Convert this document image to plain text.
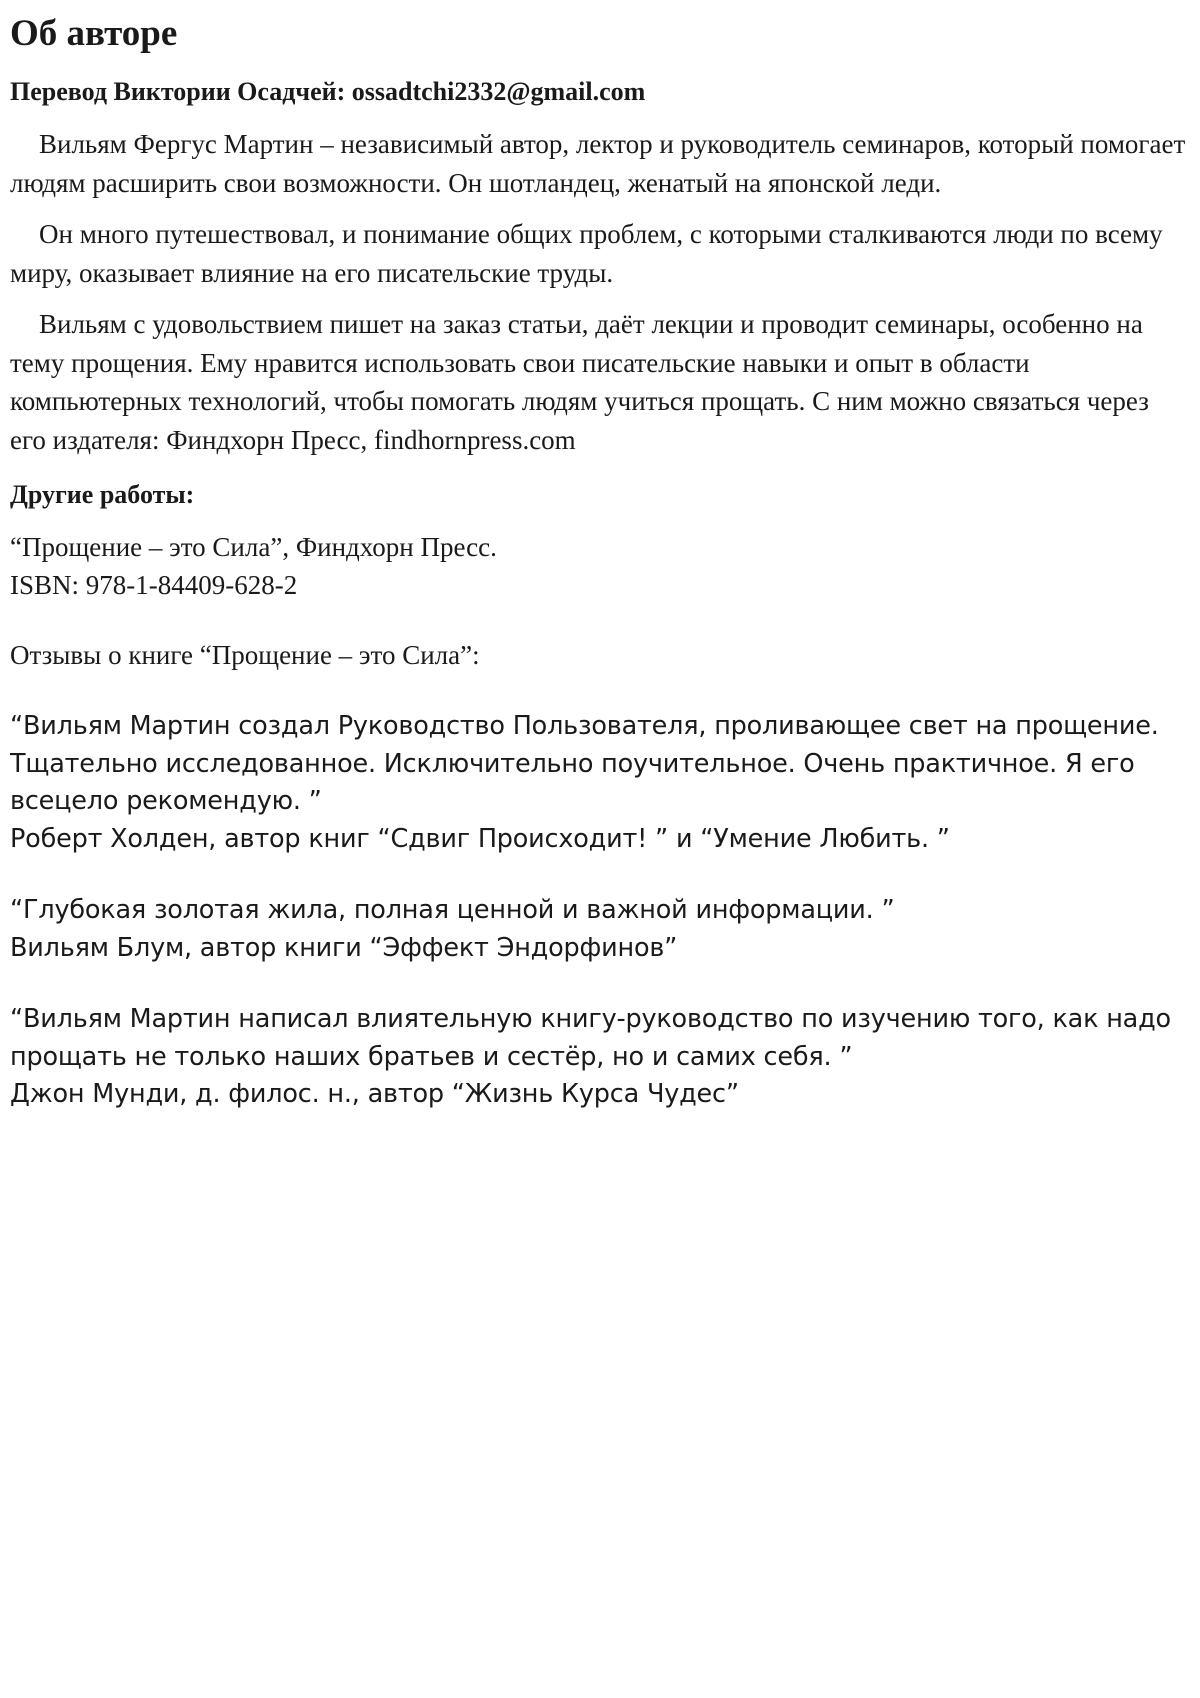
Об авторе

Перевод Виктории Осадчей: ossadtchi2332@gmail.com

Вильям Фергус Мартин – независимый автор, лектор и руководитель семинаров, который помогает людям расширить свои возможности. Он шотландец, женатый на японской леди.

Он много путешествовал, и понимание общих проблем, с которыми сталкиваются люди по всему миру, оказывает влияние на его писательские труды.

Вильям с удовольствием пишет на заказ статьи, даёт лекции и проводит семинары, особенно на тему прощения. Ему нравится использовать свои писательские навыки и опыт в области компьютерных технологий, чтобы помогать людям учиться прощать. С ним можно связаться через его издателя: Финдхорн Пресс, findhornpress.com

Другие работы:

“Прощение – это Сила”, Финдхорн Пресс.
ISBN: 978-1-84409-628-2

Отзывы о книге “Прощение – это Сила”:

“Вильям Мартин создал Руководство Пользователя, проливающее свет на прощение. Тщательно исследованное. Исключительно поучительное. Очень практичное. Я его всецело рекомендую. ”
Роберт Холден, автор книг “Сдвиг Происходит! ” и “Умение Любить. ”
“Глубокая золотая жила, полная ценной и важной информации. ”
Вильям Блум, автор книги “Эффект Эндорфинов”
“Вильям Мартин написал влиятельную книгу-руководство по изучению того, как надо прощать не только наших братьев и сестёр, но и самих себя. ”
Джон Мунди, д. филос. н., автор “Жизнь Курса Чудес”
